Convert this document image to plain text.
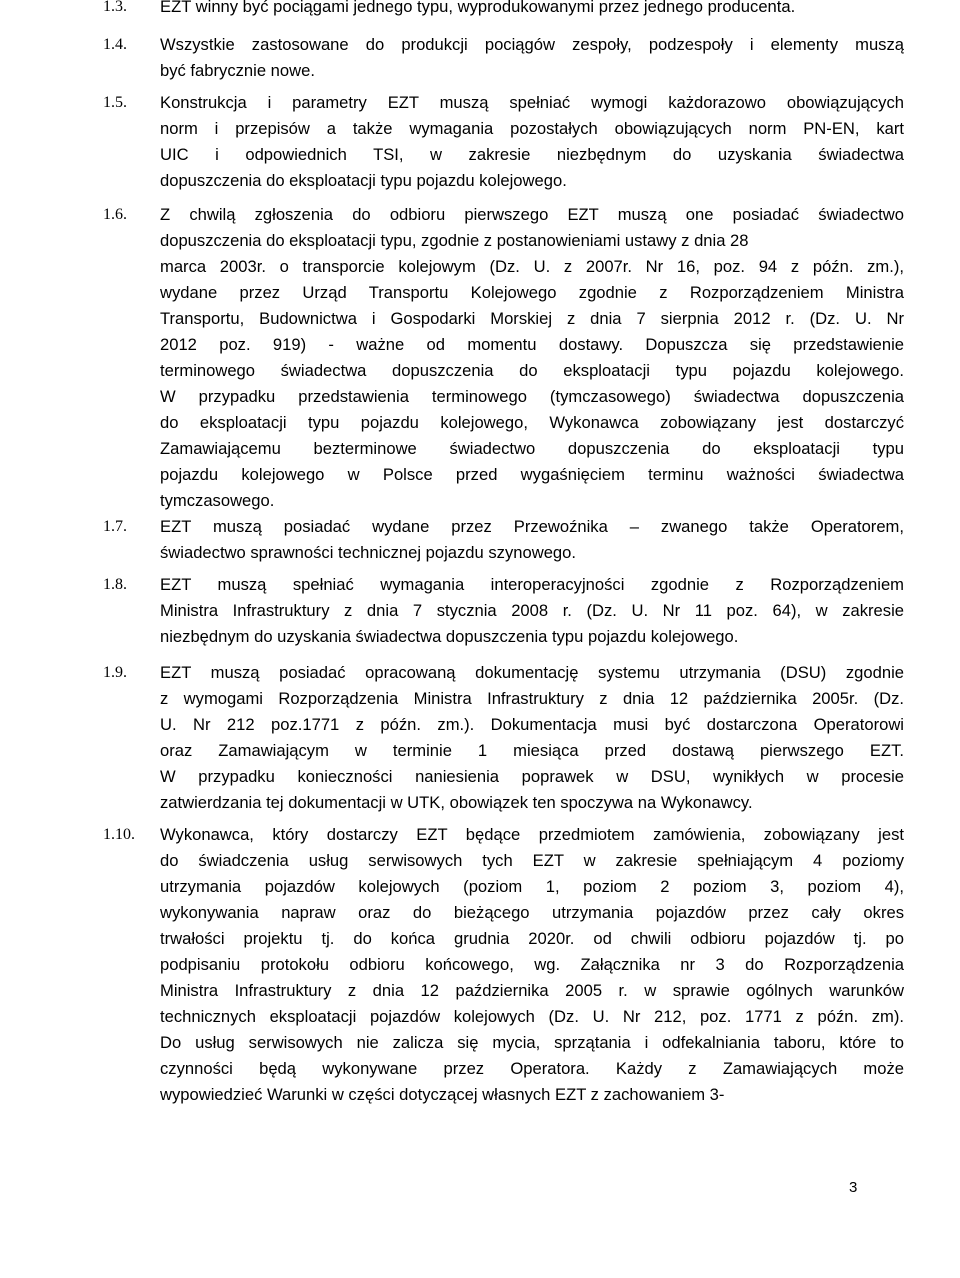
1.3. EZT winny być pociągami jednego typu, wyprodukowanymi przez jednego producenta.
1.4. Wszystkie zastosowane do produkcji pociągów zespoły, podzespoły i elementy muszą
być fabrycznie nowe.
1.5. Konstrukcja i parametry EZT muszą spełniać wymogi każdorazowo obowiązujących
norm i przepisów a także wymagania pozostałych obowiązujących norm PN-EN, kart
UIC i odpowiednich TSI, w zakresie niezbędnym do uzyskania świadectwa
dopuszczenia do eksploatacji typu pojazdu kolejowego.
1.6. Z chwilą zgłoszenia do odbioru pierwszego EZT muszą one posiadać świadectwo
dopuszczenia do eksploatacji typu, zgodnie z postanowieniami ustawy z dnia 28
marca 2003r. o transporcie kolejowym (Dz. U. z 2007r. Nr 16, poz. 94 z późn. zm.),
wydane przez Urząd Transportu Kolejowego zgodnie z Rozporządzeniem Ministra
Transportu, Budownictwa i Gospodarki Morskiej z dnia 7 sierpnia 2012 r. (Dz. U. Nr
2012 poz. 919) - ważne od momentu dostawy. Dopuszcza się przedstawienie
terminowego świadectwa dopuszczenia do eksploatacji typu pojazdu kolejowego.
W przypadku przedstawienia terminowego (tymczasowego) świadectwa dopuszczenia
do eksploatacji typu pojazdu kolejowego, Wykonawca zobowiązany jest dostarczyć
Zamawiającemu bezterminowe świadectwo dopuszczenia do eksploatacji typu
pojazdu kolejowego w Polsce przed wygaśnięciem terminu ważności świadectwa
tymczasowego.
1.7. EZT muszą posiadać wydane przez Przewoźnika – zwanego także Operatorem,
świadectwo sprawności technicznej pojazdu szynowego.
1.8. EZT muszą spełniać wymagania interoperacyjności zgodnie z Rozporządzeniem
Ministra Infrastruktury z dnia 7 stycznia 2008 r. (Dz. U. Nr 11 poz. 64), w zakresie
niezbędnym do uzyskania świadectwa dopuszczenia typu pojazdu kolejowego.
1.9. EZT muszą posiadać opracowaną dokumentację systemu utrzymania (DSU) zgodnie
z wymogami Rozporządzenia Ministra Infrastruktury z dnia 12 października 2005r. (Dz.
U. Nr 212 poz.1771 z późn. zm.). Dokumentacja musi być dostarczona Operatorowi
oraz Zamawiającym w terminie 1 miesiąca przed dostawą pierwszego EZT.
W przypadku konieczności naniesienia poprawek w DSU, wynikłych w procesie
zatwierdzania tej dokumentacji w UTK, obowiązek ten spoczywa na Wykonawcy.
1.10. Wykonawca, który dostarczy EZT będące przedmiotem zamówienia, zobowiązany jest
do świadczenia usług serwisowych tych EZT w zakresie spełniającym 4 poziomy
utrzymania pojazdów kolejowych (poziom 1, poziom 2 poziom 3, poziom 4),
wykonywania napraw oraz do bieżącego utrzymania pojazdów przez cały okres
trwałości projektu tj. do końca grudnia 2020r. od chwili odbioru pojazdów tj. po
podpisaniu protokołu odbioru końcowego, wg. Załącznika nr 3 do Rozporządzenia
Ministra Infrastruktury z dnia 12 października 2005 r. w sprawie ogólnych warunków
technicznych eksploatacji pojazdów kolejowych (Dz. U. Nr 212, poz. 1771 z późn. zm).
Do usług serwisowych nie zalicza się mycia, sprzątania i odfekalniania taboru, które to
czynności będą wykonywane przez Operatora. Każdy z Zamawiających może
wypowiedzieć Warunki w części dotyczącej własnych EZT z zachowaniem 3-
3
